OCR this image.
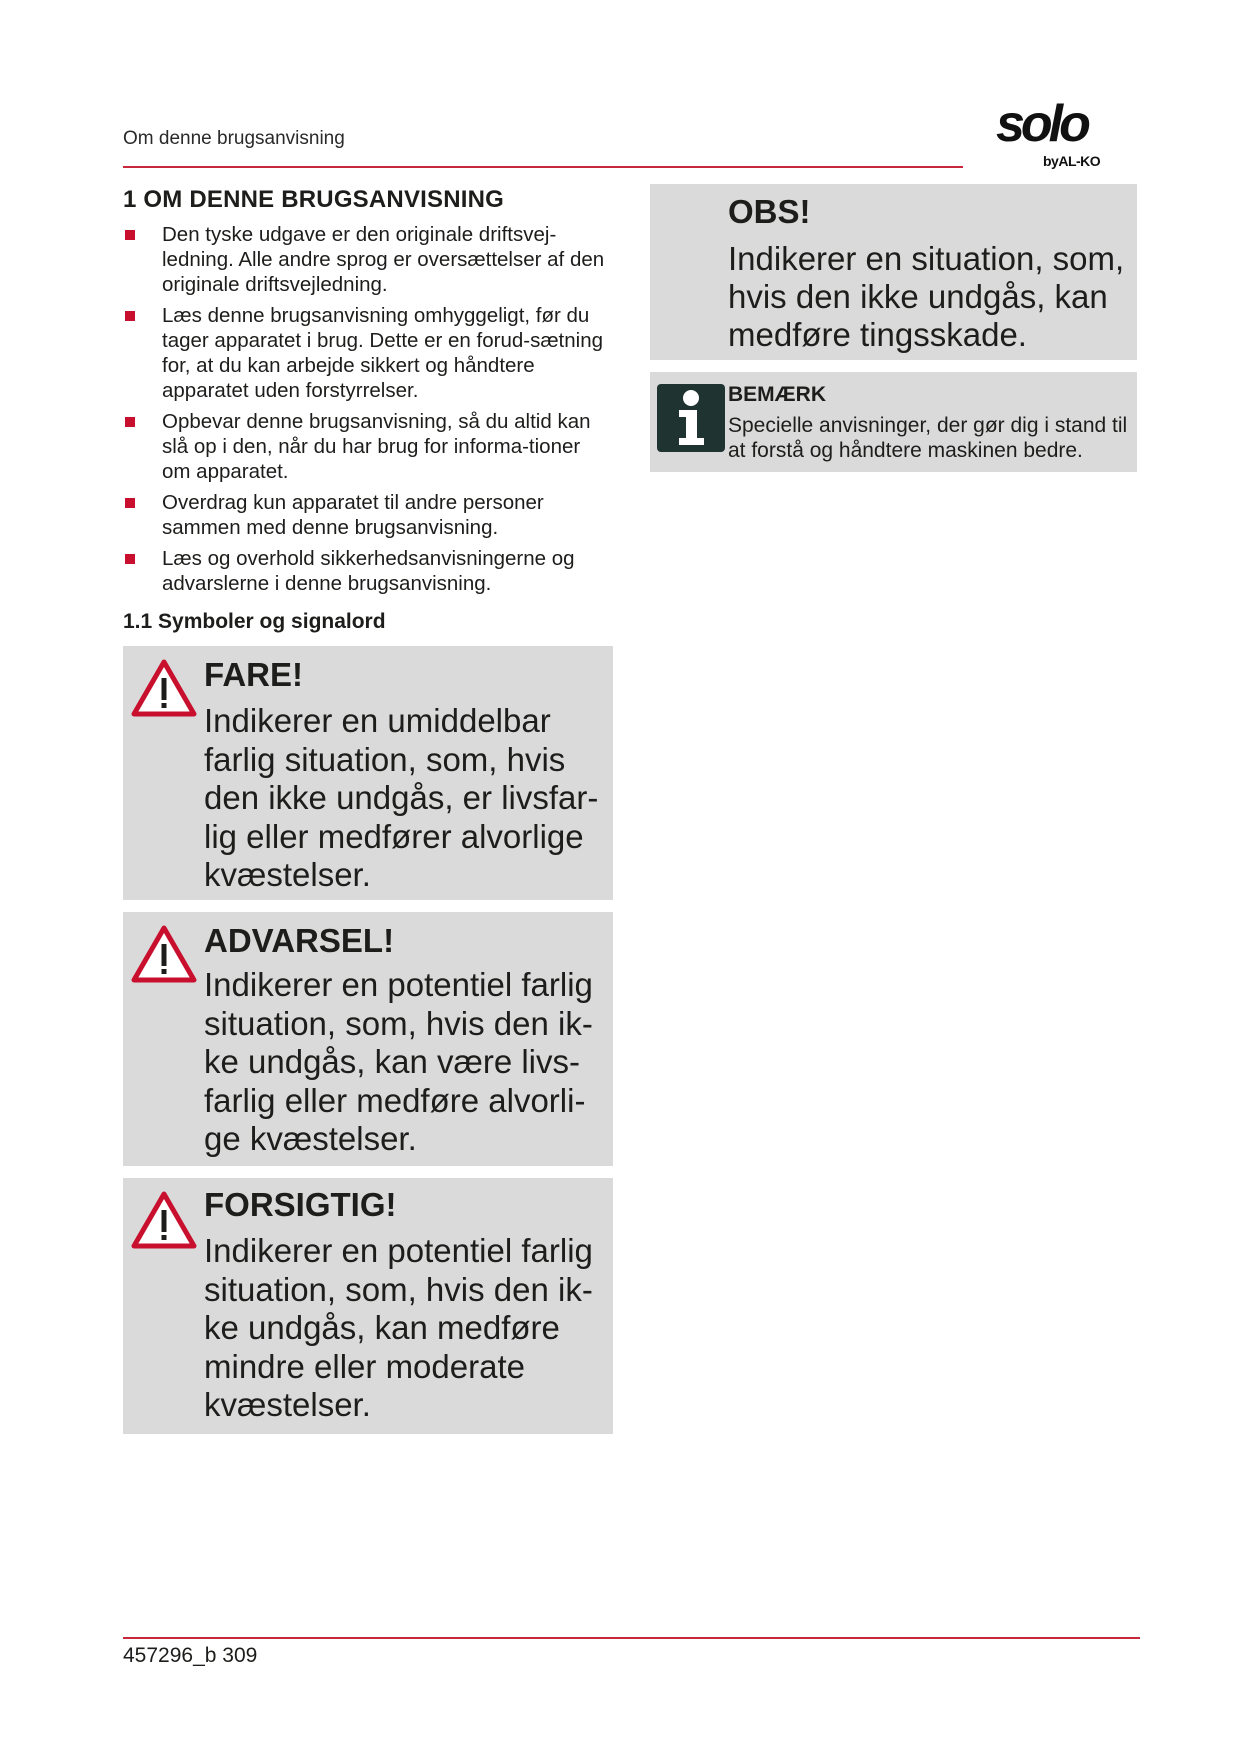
Om denne brugsanvisning	solo
byAL-KO
1 OM DENNE BRUGSANVISNING
Den tyske udgave er den originale driftsvej-ledning. Alle andre sprog er oversættelser af den originale driftsvejledning.
Læs denne brugsanvisning omhyggeligt, før du tager apparatet i brug. Dette er en forud-sætning for, at du kan arbejde sikkert og håndtere apparatet uden forstyrrelser.
Opbevar denne brugsanvisning, så du altid kan slå op i den, når du har brug for informa-tioner om apparatet.
Overdrag kun apparatet til andre personer sammen med denne brugsanvisning.
Læs og overhold sikkerhedsanvisningerne og advarslerne i denne brugsanvisning.
1.1 Symboler og signalord
FARE!
Indikerer en umiddelbar farlig situation, som, hvis den ikke undgås, er livsfar-lig eller medfører alvorlige kvæstelser.
ADVARSEL!
Indikerer en potentiel farlig situation, som, hvis den ik-ke undgås, kan være livs-farlig eller medføre alvorli-ge kvæstelser.
FORSIGTIG!
Indikerer en potentiel farlig situation, som, hvis den ik-ke undgås, kan medføre mindre eller moderate kvæstelser.
OBS!
Indikerer en situation, som, hvis den ikke undgås, kan medføre tingsskade.
BEMÆRK
Specielle anvisninger, der gør dig i stand til at forstå og håndtere maskinen bedre.
457296_b 309
